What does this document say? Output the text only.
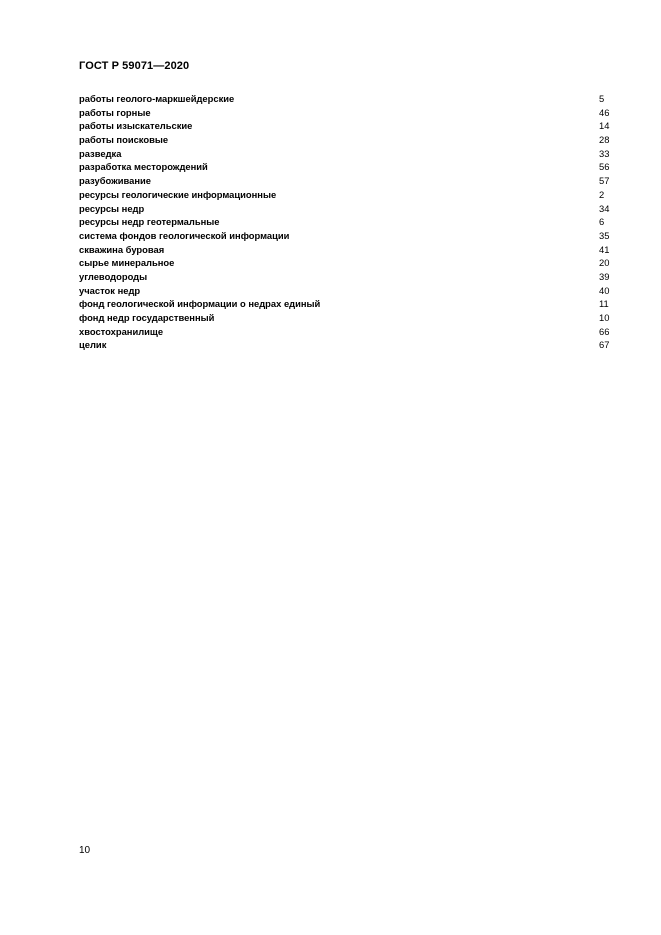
ГОСТ Р 59071—2020
работы геолого-маркшейдерские	5
работы горные	46
работы изыскательские	14
работы поисковые	28
разведка	33
разработка месторождений	56
разубоживание	57
ресурсы геологические информационные	2
ресурсы недр	34
ресурсы недр геотермальные	6
система фондов геологической информации	35
скважина буровая	41
сырье минеральное	20
углеводороды	39
участок недр	40
фонд геологической информации о недрах единый	11
фонд недр государственный	10
хвостохранилище	66
целик	67
10
